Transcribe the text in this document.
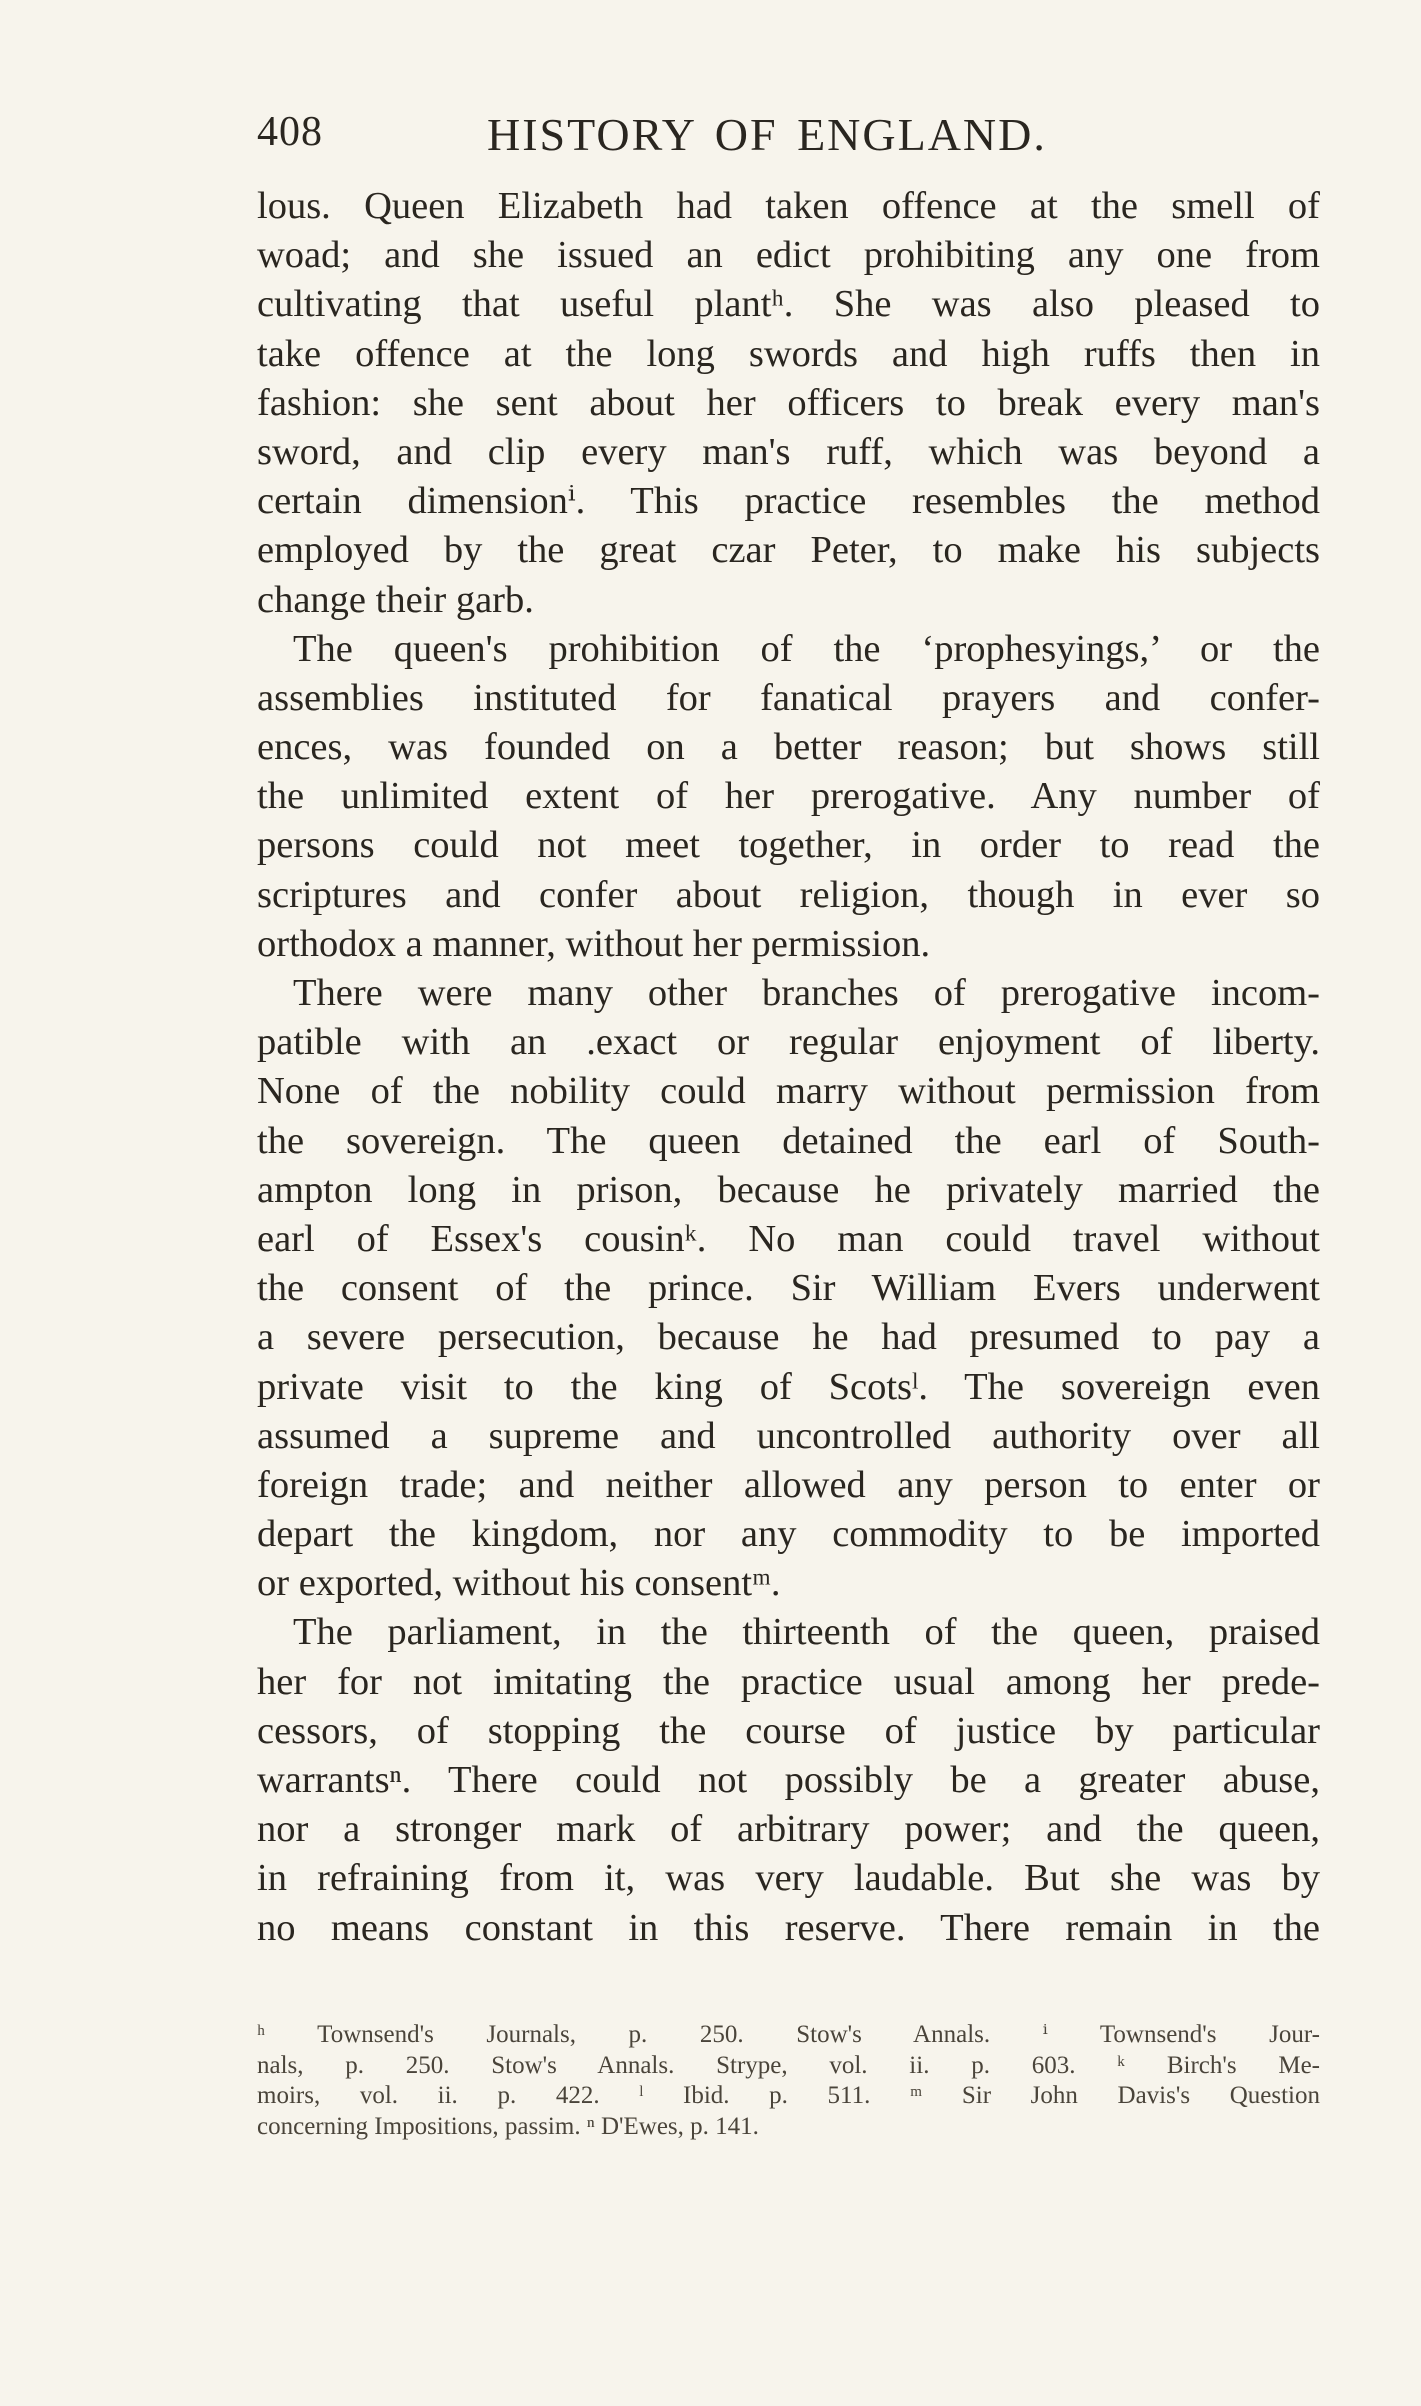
408	HISTORY OF ENGLAND.
lous. Queen Elizabeth had taken offence at the smell of
woad; and she issued an edict prohibiting any one from
cultivating that useful plantʰ. She was also pleased to
take offence at the long swords and high ruffs then in
fashion: she sent about her officers to break every man's
sword, and clip every man's ruff, which was beyond a
certain dimensionⁱ. This practice resembles the method
employed by the great czar Peter, to make his subjects
change their garb.
The queen's prohibition of the ‘prophesyings,’ or the
assemblies instituted for fanatical prayers and confer-
ences, was founded on a better reason; but shows still
the unlimited extent of her prerogative. Any number of
persons could not meet together, in order to read the
scriptures and confer about religion, though in ever so
orthodox a manner, without her permission.
There were many other branches of prerogative incom-
patible with an .exact or regular enjoyment of liberty.
None of the nobility could marry without permission from
the sovereign. The queen detained the earl of South-
ampton long in prison, because he privately married the
earl of Essex's cousinᵏ. No man could travel without
the consent of the prince. Sir William Evers underwent
a severe persecution, because he had presumed to pay a
private visit to the king of Scotsˡ. The sovereign even
assumed a supreme and uncontrolled authority over all
foreign trade; and neither allowed any person to enter or
depart the kingdom, nor any commodity to be imported
or exported, without his consentᵐ.
The parliament, in the thirteenth of the queen, praised
her for not imitating the practice usual among her prede-
cessors, of stopping the course of justice by particular
warrantsⁿ. There could not possibly be a greater abuse,
nor a stronger mark of arbitrary power; and the queen,
in refraining from it, was very laudable. But she was by
no means constant in this reserve. There remain in the
ʰ Townsend's Journals, p. 250. Stow's Annals. ⁱ Townsend's Jour-
nals, p. 250. Stow's Annals. Strype, vol. ii. p. 603. ᵏ Birch's Me-
moirs, vol. ii. p. 422. ˡ Ibid. p. 511. ᵐ Sir John Davis's Question
concerning Impositions, passim. ⁿ D'Ewes, p. 141.
